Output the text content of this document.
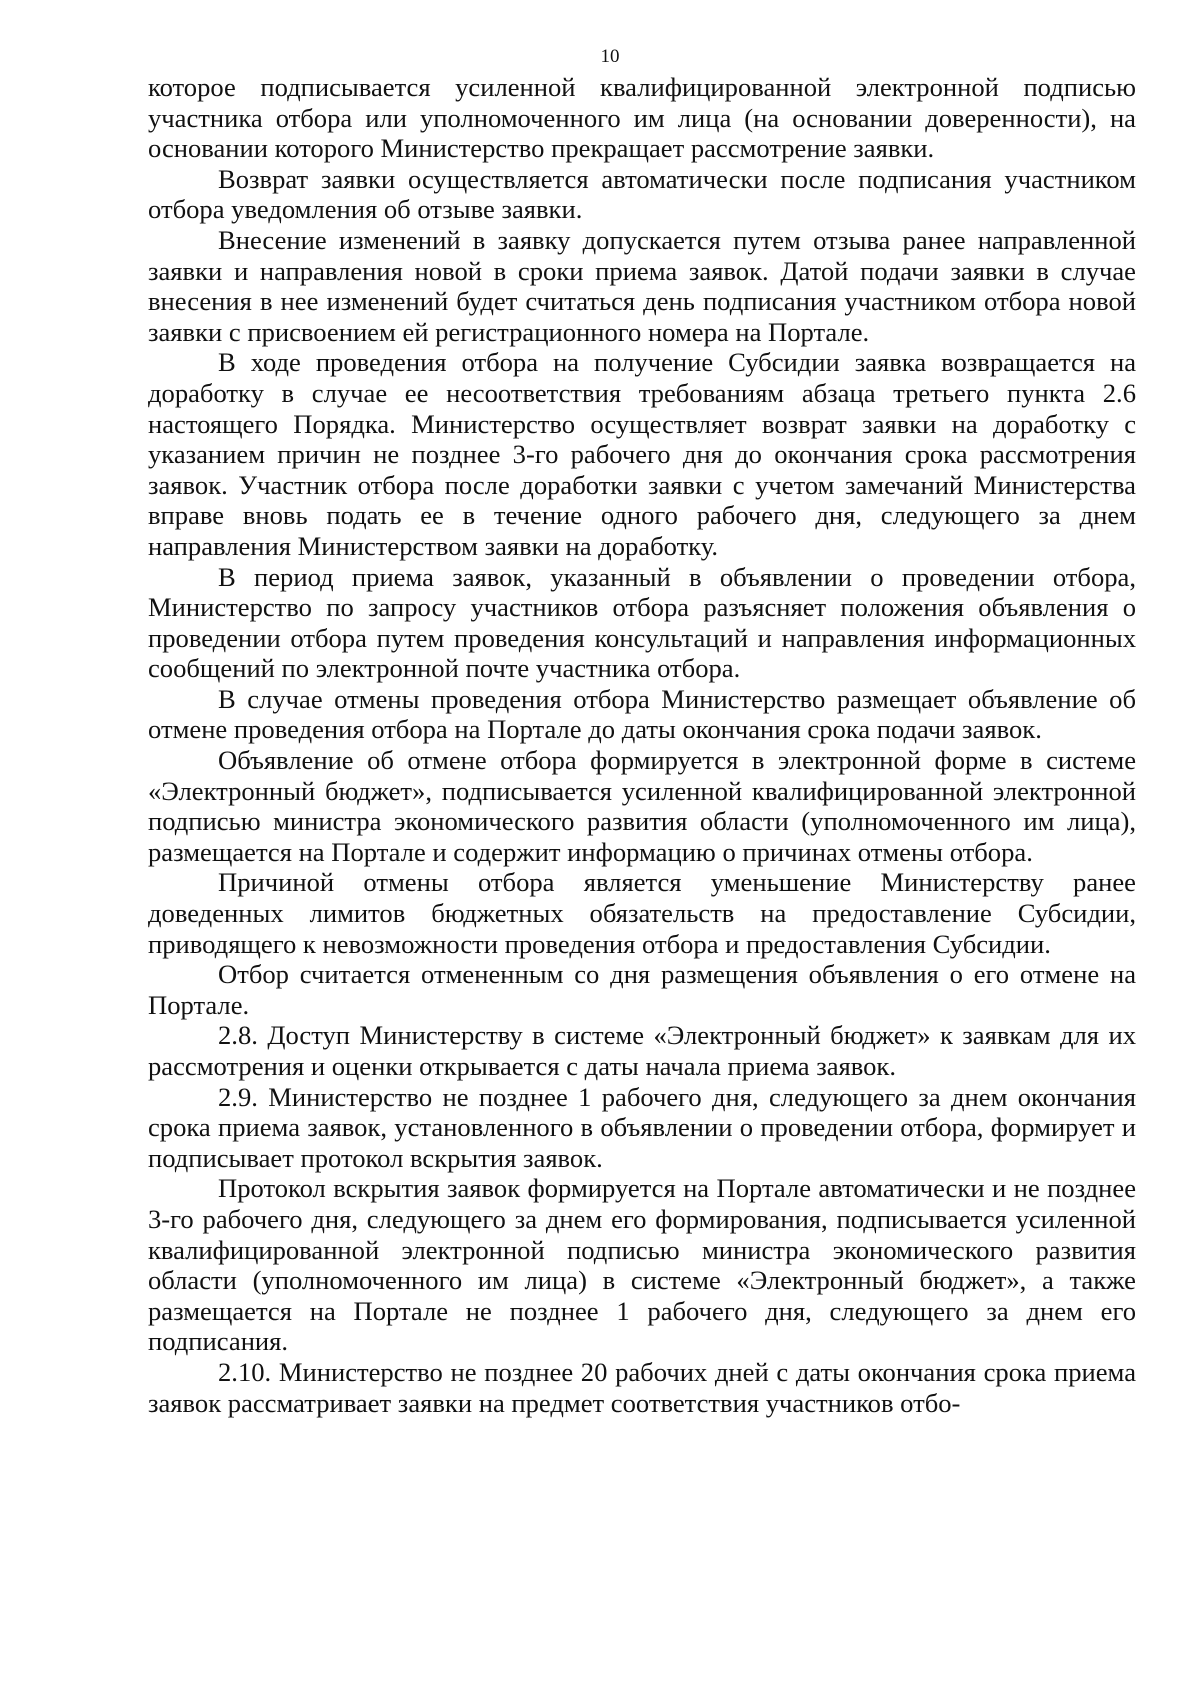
10

которое подписывается усиленной квалифицированной электронной подписью участника отбора или уполномоченного им лица (на основании доверенности), на основании которого Министерство прекращает рассмотрение заявки.

Возврат заявки осуществляется автоматически после подписания участником отбора уведомления об отзыве заявки.

Внесение изменений в заявку допускается путем отзыва ранее направленной заявки и направления новой в сроки приема заявок. Датой подачи заявки в случае внесения в нее изменений будет считаться день подписания участником отбора новой заявки с присвоением ей регистрационного номера на Портале.

В ходе проведения отбора на получение Субсидии заявка возвращается на доработку в случае ее несоответствия требованиям абзаца третьего пункта 2.6 настоящего Порядка. Министерство осуществляет возврат заявки на доработку с указанием причин не позднее 3-го рабочего дня до окончания срока рассмотрения заявок. Участник отбора после доработки заявки с учетом замечаний Министерства вправе вновь подать ее в течение одного рабочего дня, следующего за днем направления Министерством заявки на доработку.

В период приема заявок, указанный в объявлении о проведении отбора, Министерство по запросу участников отбора разъясняет положения объявления о проведении отбора путем проведения консультаций и направления информационных сообщений по электронной почте участника отбора.

В случае отмены проведения отбора Министерство размещает объявление об отмене проведения отбора на Портале до даты окончания срока подачи заявок.

Объявление об отмене отбора формируется в электронной форме в системе «Электронный бюджет», подписывается усиленной квалифицированной электронной подписью министра экономического развития области (уполномоченного им лица), размещается на Портале и содержит информацию о причинах отмены отбора.

Причиной отмены отбора является уменьшение Министерству ранее доведенных лимитов бюджетных обязательств на предоставление Субсидии, приводящего к невозможности проведения отбора и предоставления Субсидии.

Отбор считается отмененным со дня размещения объявления о его отмене на Портале.

2.8. Доступ Министерству в системе «Электронный бюджет» к заявкам для их рассмотрения и оценки открывается с даты начала приема заявок.

2.9. Министерство не позднее 1 рабочего дня, следующего за днем окончания срока приема заявок, установленного в объявлении о проведении отбора, формирует и подписывает протокол вскрытия заявок.

Протокол вскрытия заявок формируется на Портале автоматически и не позднее 3-го рабочего дня, следующего за днем его формирования, подписывается усиленной квалифицированной электронной подписью министра экономического развития области (уполномоченного им лица) в системе «Электронный бюджет», а также размещается на Портале не позднее 1 рабочего дня, следующего за днем его подписания.

2.10. Министерство не позднее 20 рабочих дней с даты окончания срока приема заявок рассматривает заявки на предмет соответствия участников отбо-
